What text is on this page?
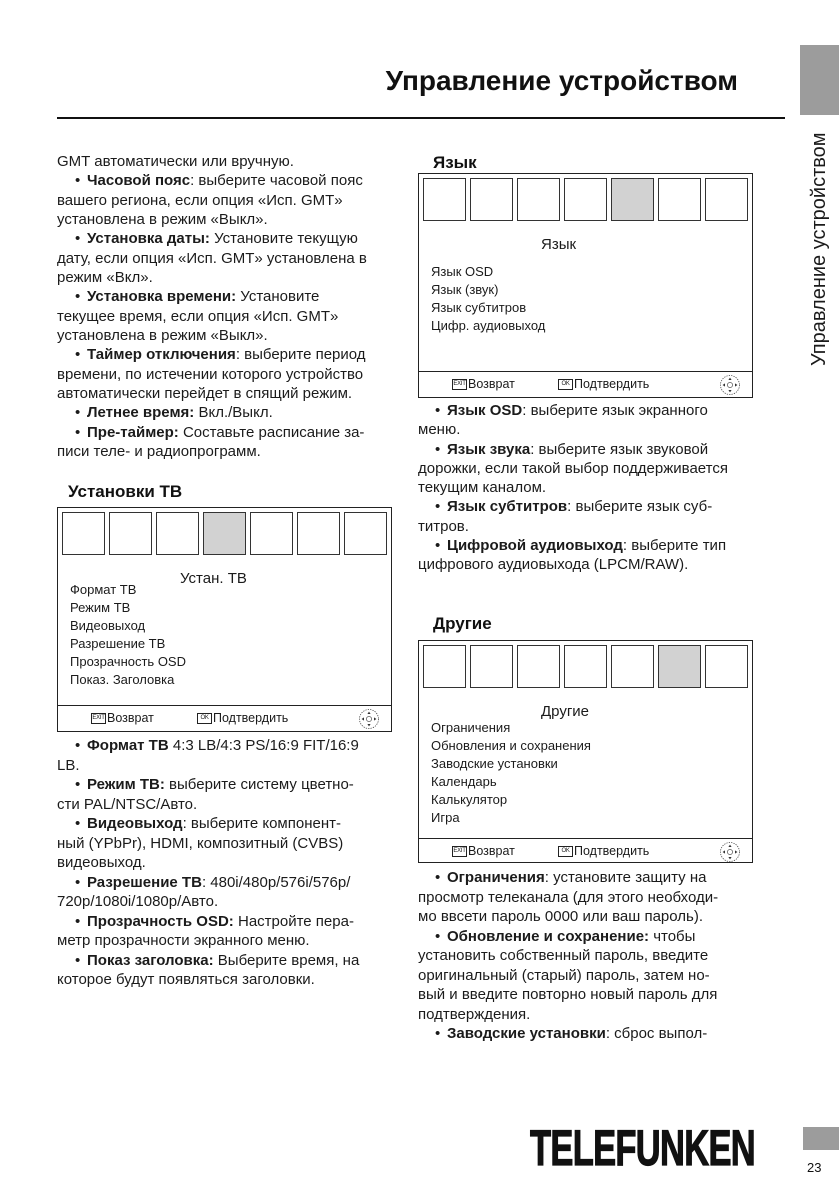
Управление устройством
Управление устройством
GMT автоматически или вручную.
• Часовой пояс: выберите часовой пояс
вашего региона, если опция «Исп. GMT»
установлена в режим «Выкл».
• Установка даты: Установите текущую
дату, если опция «Исп. GMT» установлена в
режим «Вкл».
• Установка времени: Установите
текущее время, если опция «Исп. GMT»
установлена в режим «Выкл».
• Таймер отключения: выберите период
времени, по истечении которого устройство
автоматически перейдет в спящий режим.
• Летнее время: Вкл./Выкл.
• Пре-таймер: Составьте расписание за-
писи теле- и радиопрограмм.
Установки ТВ
Устан. ТВ
Формат ТВ
Режим ТВ
Видеовыход
Разрешение ТВ
Прозрачность OSD
Показ. Заголовка
EXIT Возврат	OK Подтвердить
• Формат ТВ 4:3 LB/4:3 PS/16:9 FIT/16:9
LB.
• Режим ТВ: выберите систему цветно-
сти PAL/NTSC/Авто.
• Видеовыход: выберите компонент-
ный (YPbPr), HDMI, композитный (CVBS)
видеовыход.
• Разрешение ТВ: 480i/480p/576i/576p/
720p/1080i/1080p/Авто.
• Прозрачность OSD: Настройте пера-
метр прозрачности экранного меню.
• Показ заголовка: Выберите время, на
которое будут появляться заголовки.
Язык
Язык
Язык OSD
Язык (звук)
Язык субтитров
Цифр. аудиовыход
EXIT Возврат	OK Подтвердить
• Язык OSD: выберите язык экранного
меню.
• Язык звука: выберите язык звуковой
дорожки, если такой выбор поддерживается
текущим каналом.
• Язык субтитров: выберите язык суб-
титров.
• Цифровой аудиовыход: выберите тип
цифрового аудиовыхода (LPCM/RAW).
Другие
Другие
Ограничения
Обновления и сохранения
Заводские установки
Календарь
Калькулятор
Игра
EXIT Возврат	OK Подтвердить
• Ограничения: установите защиту на
просмотр телеканала (для этого необходи-
мо ввсети пароль 0000 или ваш пароль).
• Обновление и сохранение: чтобы
установить собственный пароль, введите
оригинальный (старый) пароль, затем но-
вый и введите повторно новый пароль для
подтверждения.
• Заводские установки: сброс выпол-
TELEFUNKEN	23
